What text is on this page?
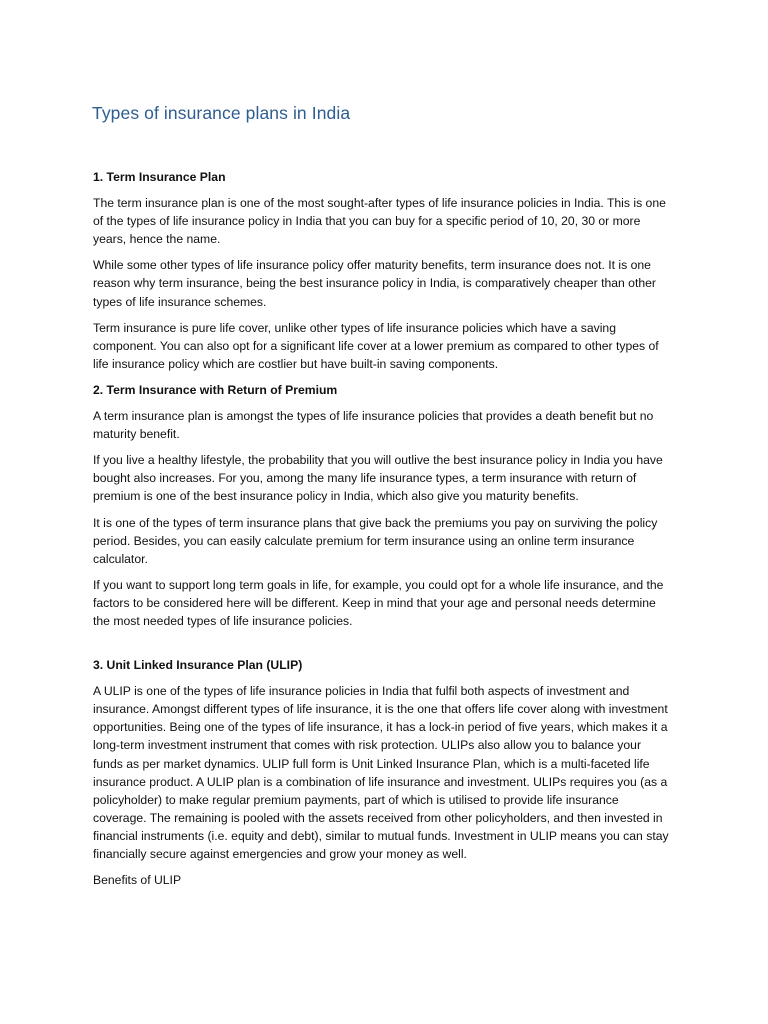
Types of insurance plans in India

1. Term Insurance Plan

The term insurance plan is one of the most sought-after types of life insurance policies in India. This is one of the types of life insurance policy in India that you can buy for a specific period of 10, 20, 30 or more years, hence the name.

While some other types of life insurance policy offer maturity benefits, term insurance does not. It is one reason why term insurance, being the best insurance policy in India, is comparatively cheaper than other types of life insurance schemes.

Term insurance is pure life cover, unlike other types of life insurance policies which have a saving component. You can also opt for a significant life cover at a lower premium as compared to other types of life insurance policy which are costlier but have built-in saving components.

2. Term Insurance with Return of Premium

A term insurance plan is amongst the types of life insurance policies that provides a death benefit but no maturity benefit.

If you live a healthy lifestyle, the probability that you will outlive the best insurance policy in India you have bought also increases. For you, among the many life insurance types, a term insurance with return of premium is one of the best insurance policy in India, which also give you maturity benefits.

It is one of the types of term insurance plans that give back the premiums you pay on surviving the policy period. Besides, you can easily calculate premium for term insurance using an online term insurance calculator.

If you want to support long term goals in life, for example, you could opt for a whole life insurance, and the factors to be considered here will be different. Keep in mind that your age and personal needs determine the most needed types of life insurance policies.

3. Unit Linked Insurance Plan (ULIP)

A ULIP is one of the types of life insurance policies in India that fulfil both aspects of investment and insurance. Amongst different types of life insurance, it is the one that offers life cover along with investment opportunities. Being one of the types of life insurance, it has a lock-in period of five years, which makes it a long-term investment instrument that comes with risk protection. ULIPs also allow you to balance your funds as per market dynamics. ULIP full form is Unit Linked Insurance Plan, which is a multi-faceted life insurance product. A ULIP plan is a combination of life insurance and investment. ULIPs requires you (as a policyholder) to make regular premium payments, part of which is utilised to provide life insurance coverage. The remaining is pooled with the assets received from other policyholders, and then invested in financial instruments (i.e. equity and debt), similar to mutual funds. Investment in ULIP means you can stay financially secure against emergencies and grow your money as well.

Benefits of ULIP
